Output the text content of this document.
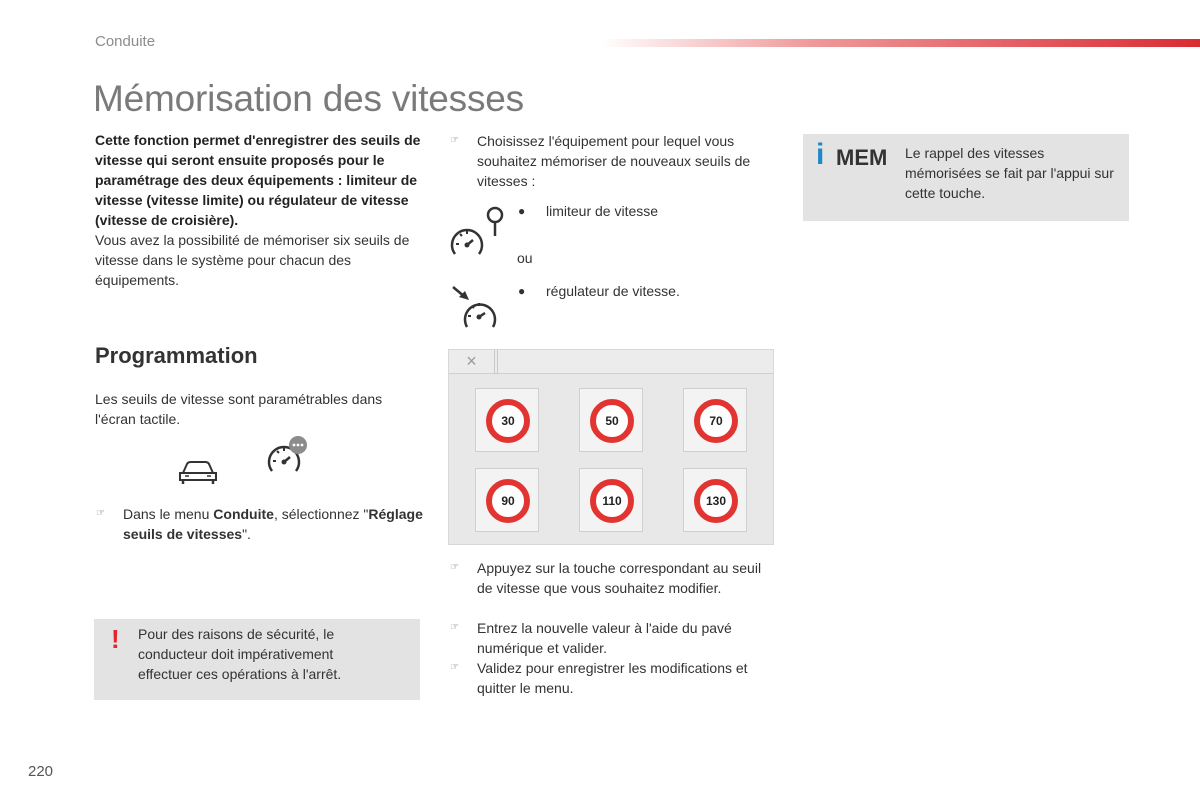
Conduite
Mémorisation des vitesses
Cette fonction permet d'enregistrer des seuils de vitesse qui seront ensuite proposés pour le paramétrage des deux équipements : limiteur de vitesse (vitesse limite) ou régulateur de vitesse (vitesse de croisière).
Vous avez la possibilité de mémoriser six seuils de vitesse dans le système pour chacun des équipements.
Programmation
Les seuils de vitesse sont paramétrables dans l'écran tactile.
☞ Dans le menu Conduite, sélectionnez "Réglage seuils de vitesses".
! Pour des raisons de sécurité, le conducteur doit impérativement effectuer ces opérations à l'arrêt.
☞ Choisissez l'équipement pour lequel vous souhaitez mémoriser de nouveaux seuils de vitesses :
● limiteur de vitesse
ou
● régulateur de vitesse.
×
30	50	70
90	110	130
☞ Appuyez sur la touche correspondant au seuil de vitesse que vous souhaitez modifier.
☞ Entrez la nouvelle valeur à l'aide du pavé numérique et valider.
☞ Validez pour enregistrer les modifications et quitter le menu.
i MEM Le rappel des vitesses mémorisées se fait par l'appui sur cette touche.
220
